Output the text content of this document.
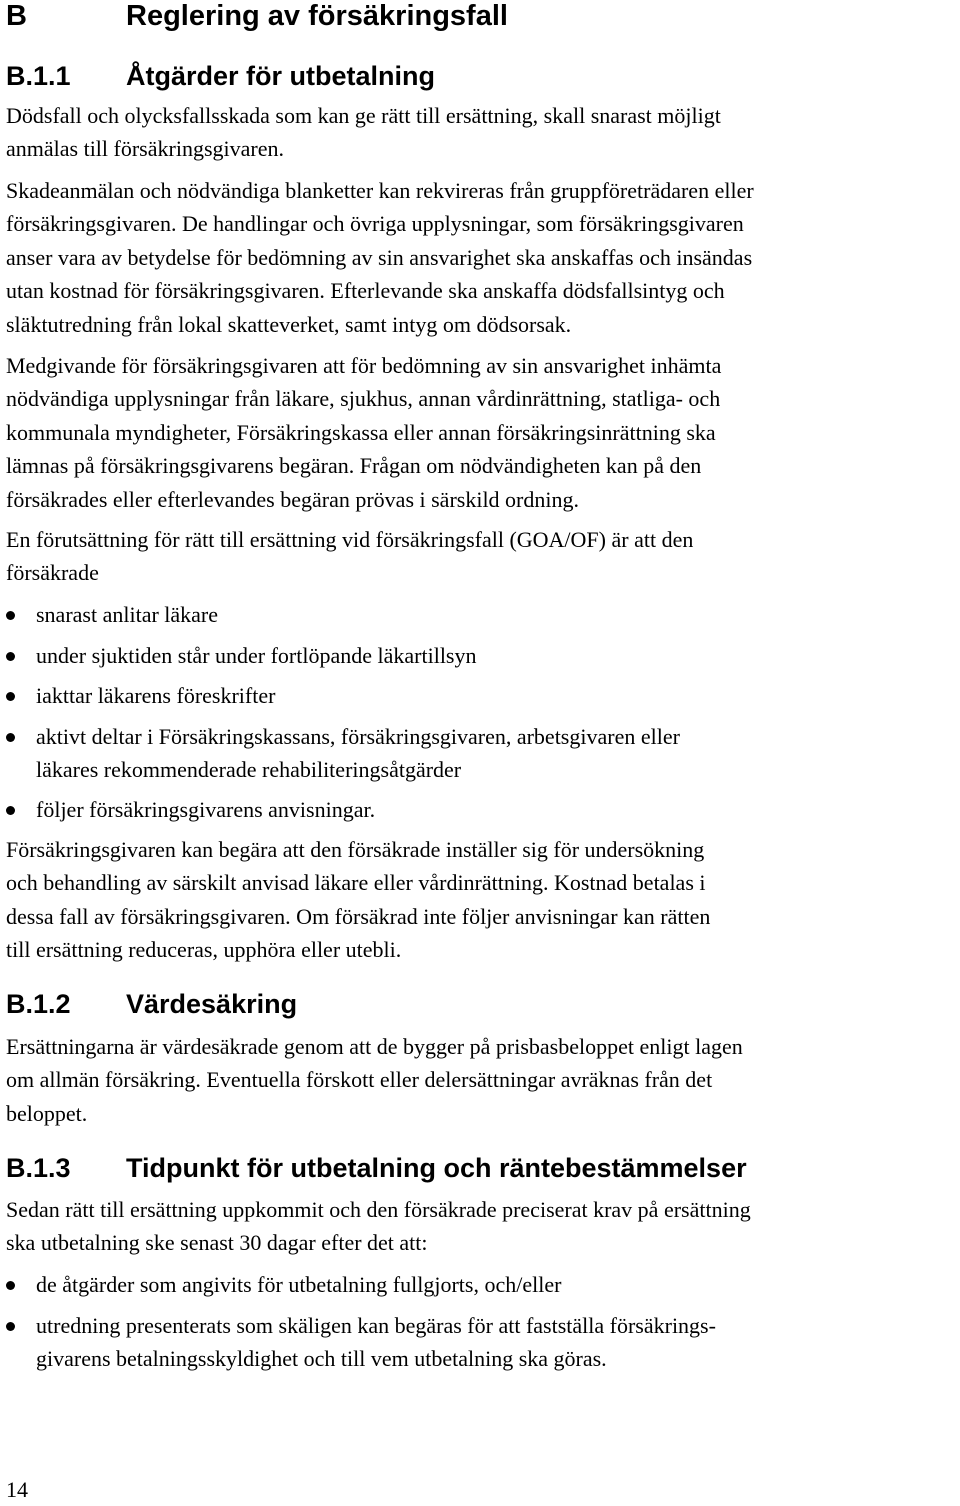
B	Reglering av försäkringsfall
B.1.1 Åtgärder för utbetalning
Dödsfall och olycksfallsskada som kan ge rätt till ersättning, skall snarast möjligt
anmälas till försäkringsgivaren.
Skadeanmälan och nödvändiga blanketter kan rekvireras från gruppföreträdaren eller
försäkringsgivaren. De handlingar och övriga upplysningar, som försäkringsgivaren
anser vara av betydelse för bedömning av sin ansvarighet ska anskaffas och insändas
utan kostnad för försäkringsgivaren. Efterlevande ska anskaffa dödsfallsintyg och
släktutredning från lokal skatteverket, samt intyg om dödsorsak.
Medgivande för försäkringsgivaren att för bedömning av sin ansvarighet inhämta
nödvändiga upplysningar från läkare, sjukhus, annan vårdinrättning, statliga- och
kommunala myndigheter, Försäkringskassa eller annan försäkringsinrättning ska
lämnas på försäkringsgivarens begäran. Frågan om nödvändigheten kan på den
försäkrades eller efterlevandes begäran prövas i särskild ordning.
En förutsättning för rätt till ersättning vid försäkringsfall (GOA/OF) är att den
försäkrade
snarast anlitar läkare
under sjuktiden står under fortlöpande läkartillsyn
iakttar läkarens föreskrifter
aktivt deltar i Försäkringskassans, försäkringsgivaren, arbetsgivaren eller
läkares rekommenderade rehabiliteringsåtgärder
följer försäkringsgivarens anvisningar.
Försäkringsgivaren kan begära att den försäkrade inställer sig för undersökning
och behandling av särskilt anvisad läkare eller vårdinrättning. Kostnad betalas i
dessa fall av försäkringsgivaren. Om försäkrad inte följer anvisningar kan rätten
till ersättning reduceras, upphöra eller utebli.
B.1.2 Värdesäkring
Ersättningarna är värdesäkrade genom att de bygger på prisbasbeloppet enligt lagen
om allmän försäkring. Eventuella förskott eller delersättningar avräknas från det
beloppet.
B.1.3 Tidpunkt för utbetalning och räntebestämmelser
Sedan rätt till ersättning uppkommit och den försäkrade preciserat krav på ersättning
ska utbetalning ske senast 30 dagar efter det att:
de åtgärder som angivits för utbetalning fullgjorts, och/eller
utredning presenterats som skäligen kan begäras för att fastställa försäkrings-
givarens betalningsskyldighet och till vem utbetalning ska göras.
14
